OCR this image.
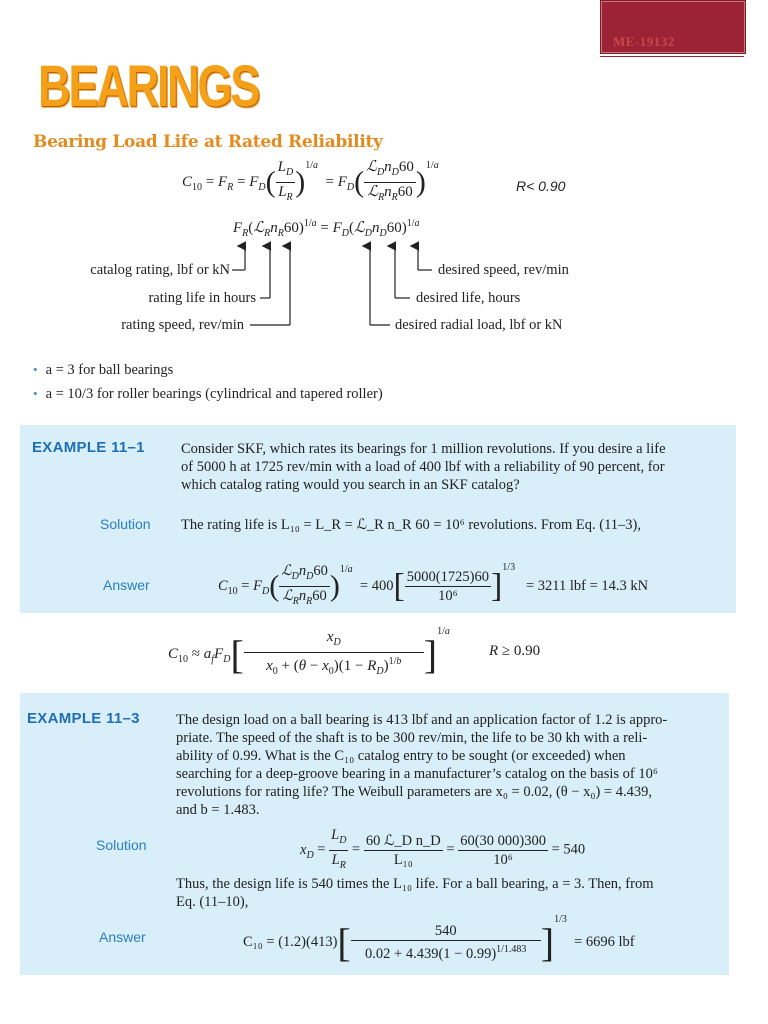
ME-19132
BEARINGS
Bearing Load Life at Rated Reliability
$C_{10} = F_R = F_D( \frac{L_D}{L_R} )^{1/a} = F_D( \frac{ℒ_Dn_D60}{ℒ_Rn_R60} )^{1/a}$
R< 0.90
$F_R(ℒ_Rn_R60)^{1/a}$ = $F_D(ℒ_Dn_D60)^{1/a}$
catalog rating, lbf or kN
rating life in hours
rating speed, rev/min
desired speed, rev/min
desired life, hours
desired radial load, lbf or kN
• a = 3 for ball bearings
• a = 10/3 for roller bearings (cylindrical and tapered roller)
EXAMPLE 11–1 Consider SKF, which rates its bearings for 1 million revolutions. If you desire a life
of 5000 h at 1725 rev/min with a load of 400 lbf with a reliability of 90 percent, for
which catalog rating would you search in an SKF catalog?
Solution The rating life is L₁₀ = L_R = ℒ_R n_R 60 = 10⁶ revolutions. From Eq. (11–3),
Answer	$C_{10} = F_D( \frac{ℒ_Dn_D60}{ℒ_Rn_R60} )^{1/a} = 400[ \frac{5000(1725)60}{\text{10⁶}} ]^{1/3} = 3211$ lbf = 14.3 kN
$C_{10} \approx a_fF_D[ \frac{x_D}{x_0 + (\theta - x_0)(1 - R_D)^{1/b}} ]^{1/a}$
R ≥ 0.90
EXAMPLE 11–3 The design load on a ball bearing is 413 lbf and an application factor of 1.2 is appro-
priate. The speed of the shaft is to be 300 rev/min, the life to be 30 kh with a reli-
ability of 0.99. What is the C₁₀ catalog entry to be sought (or exceeded) when
searching for a deep-groove bearing in a manufacturer’s catalog on the basis of 10⁶
revolutions for rating life? The Weibull parameters are x₀ = 0.02, (θ − x₀) = 4.439,
and b = 1.483.
Solution	$x_D = \frac{L_D}{L_R} = \frac{\text{60 ℒ\_D n\_D}}{\text{L₁₀}} = \frac{60(30 000)300}{\text{10⁶}} = 540$
Thus, the design life is 540 times the L₁₀ life. For a ball bearing, a = 3. Then, from
Eq. (11–10),
Answer	$C_{10} = (1.2)(413)[ \frac{540}{0.02 + 4.439(1 - 0.99)^{1/1.483}} ]^{1/3} = 6696$ lbf
